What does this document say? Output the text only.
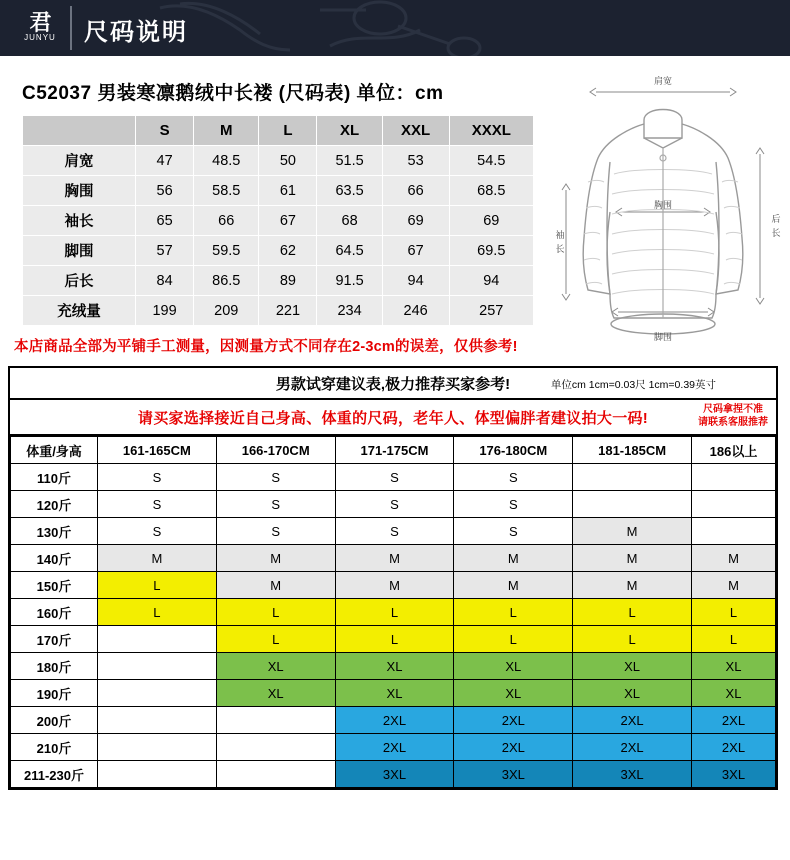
君
JUNYU 尺码说明
肩宽
胸围
袖
长
后
长
脚围
C52037 男装寒凛鹅绒中长褛 (尺码表) 单位：cm
	S	M	L	XL	XXL	XXXL
肩宽	47	48.5	50	51.5	53	54.5
胸围	56	58.5	61	63.5	66	68.5
袖长	65	66	67	68	69	69
脚围	57	59.5	62	64.5	67	69.5
后长	84	86.5	89	91.5	94	94
充绒量	199	209	221	234	246	257
本店商品全部为平铺手工测量，因测量方式不同存在2-3cm的误差，仅供参考!
男款试穿建议表,极力推荐买家参考!	单位cm 1cm=0.03尺 1cm=0.39英寸
请买家选择接近自己身高、体重的尺码，老年人、体型偏胖者建议拍大一码!	尺码拿捏不准
请联系客服推荐
体重/身高	161-165CM	166-170CM	171-175CM	176-180CM	181-185CM	186以上
110斤	S	S	S	S		
120斤	S	S	S	S		
130斤	S	S	S	S	M	
140斤	M	M	M	M	M	M
150斤	L	M	M	M	M	M
160斤	L	L	L	L	L	L
170斤		L	L	L	L	L
180斤		XL	XL	XL	XL	XL
190斤		XL	XL	XL	XL	XL
200斤			2XL	2XL	2XL	2XL
210斤			2XL	2XL	2XL	2XL
211-230斤			3XL	3XL	3XL	3XL
